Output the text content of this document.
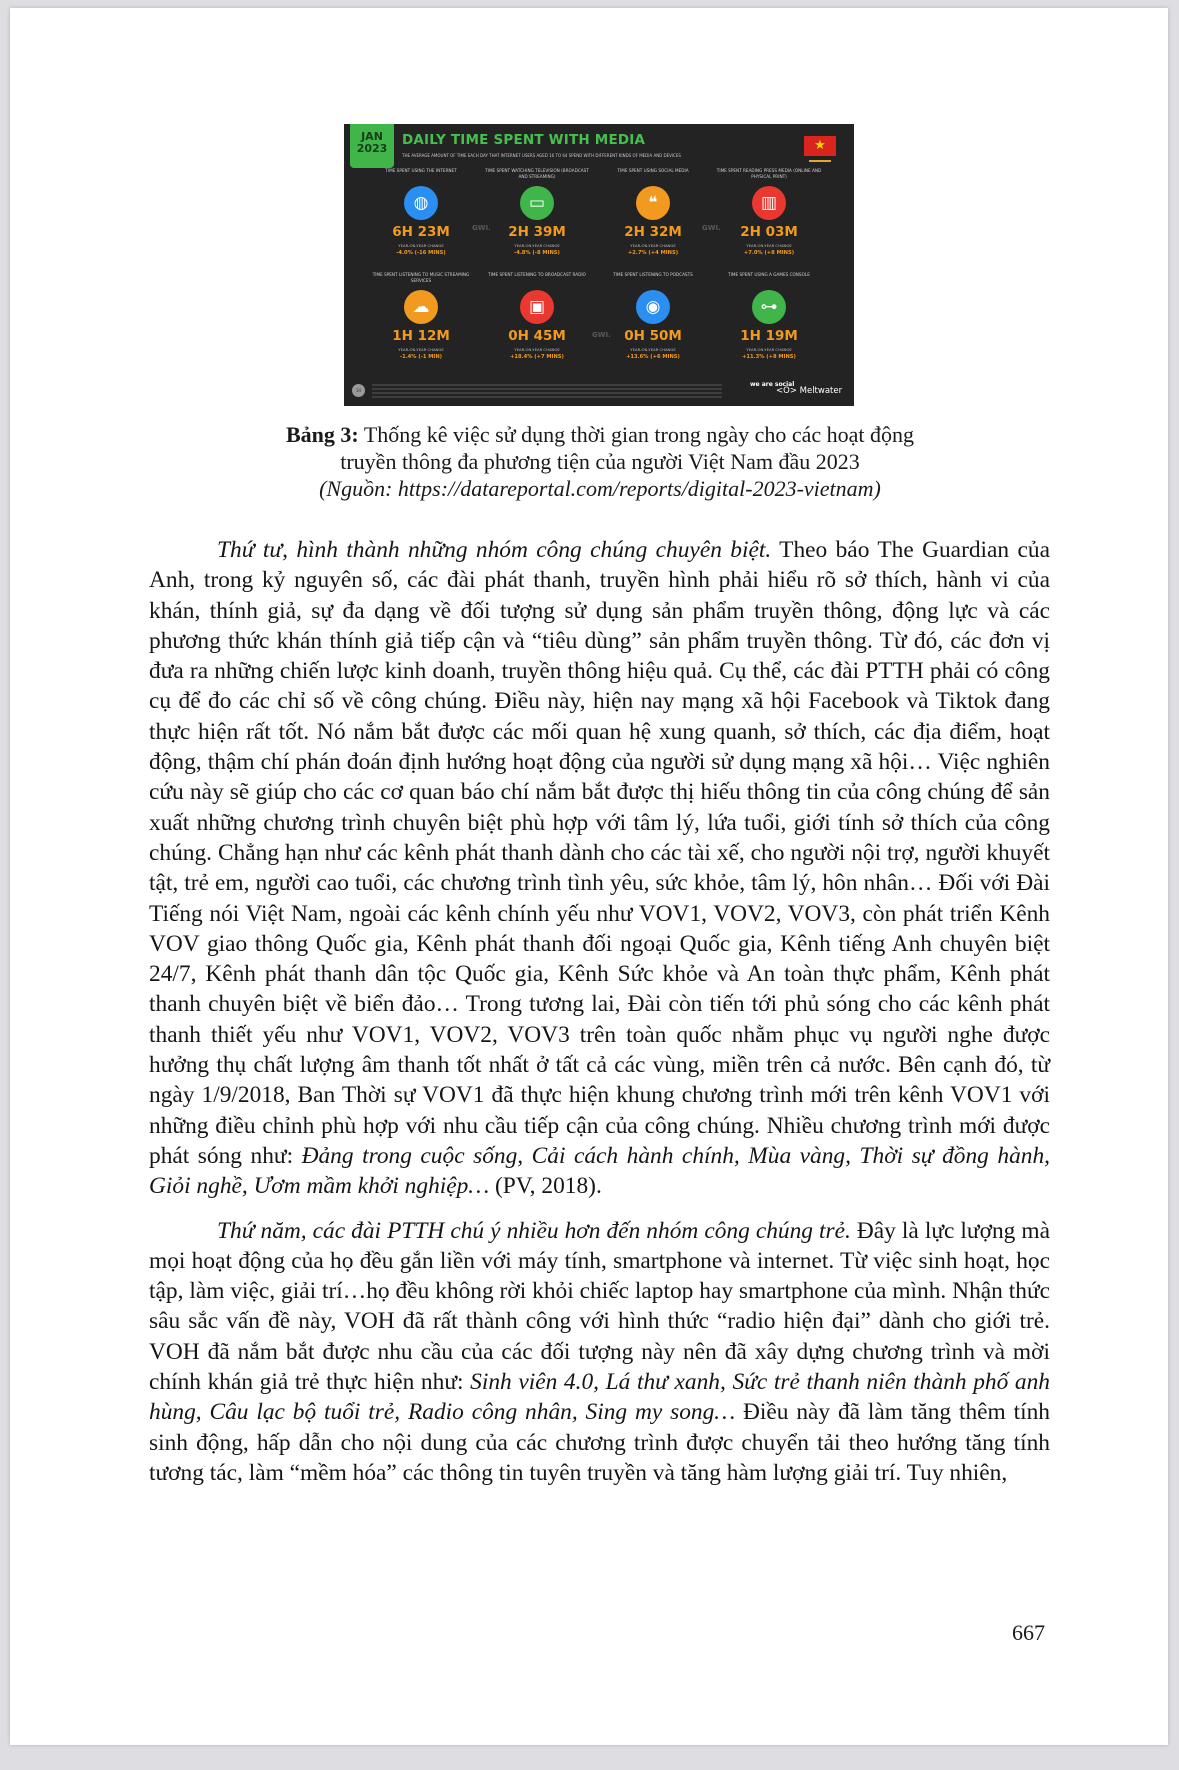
JAN
2023
DAILY TIME SPENT WITH MEDIA
THE AVERAGE AMOUNT OF TIME EACH DAY THAT INTERNET USERS AGED 16 TO 64 SPEND WITH DIFFERENT KINDS OF MEDIA AND DEVICES
★
TIME SPENT USING THE INTERNET
◍
6H 23M
YEAR-ON-YEAR CHANGE
-4.0% (-16 MINS)
TIME SPENT WATCHING TELEVISION (BROADCAST AND STREAMING)
▭
2H 39M
YEAR-ON-YEAR CHANGE
-4.8% (-8 MINS)
TIME SPENT USING SOCIAL MEDIA
❝
2H 32M
YEAR-ON-YEAR CHANGE
+2.7% (+4 MINS)
TIME SPENT READING PRESS MEDIA (ONLINE AND PHYSICAL PRINT)
▥
2H 03M
YEAR-ON-YEAR CHANGE
+7.0% (+8 MINS)
TIME SPENT LISTENING TO MUSIC STREAMING SERVICES
☁
1H 12M
YEAR-ON-YEAR CHANGE
-1.4% (-1 MIN)
TIME SPENT LISTENING TO BROADCAST RADIO
▣
0H 45M
YEAR-ON-YEAR CHANGE
+18.4% (+7 MINS)
TIME SPENT LISTENING TO PODCASTS
◉
0H 50M
YEAR-ON-YEAR CHANGE
+13.6% (+6 MINS)
TIME SPENT USING A GAMES CONSOLE
⊶
1H 19M
YEAR-ON-YEAR CHANGE
+11.3% (+8 MINS)
GWI.	GWI.
GWI.
34
we are social
<O> Meltwater
Bảng 3: Thống kê việc sử dụng thời gian trong ngày cho các hoạt động
truyền thông đa phương tiện của người Việt Nam đầu 2023
(Nguồn: https://datareport​al.com/reports/digital-2023-vietnam)

Thứ tư, hình thành những nhóm công chúng chuyên biệt. Theo báo The Guardian của Anh, trong kỷ nguyên số, các đài phát thanh, truyền hình phải hiểu rõ sở thích, hành vi của khán, thính giả, sự đa dạng về đối tượng sử dụng sản phẩm truyền thông, động lực và các phương thức khán thính giả tiếp cận và “tiêu dùng” sản phẩm truyền thông. Từ đó, các đơn vị đưa ra những chiến lược kinh doanh, truyền thông hiệu quả. Cụ thể, các đài PTTH phải có công cụ để đo các chỉ số về công chúng. Điều này, hiện nay mạng xã hội Facebook và Tiktok đang thực hiện rất tốt. Nó nắm bắt được các mối quan hệ xung quanh, sở thích, các địa điểm, hoạt động, thậm chí phán đoán định hướng hoạt động của người sử dụng mạng xã hội… Việc nghiên cứu này sẽ giúp cho các cơ quan báo chí nắm bắt được thị hiếu thông tin của công chúng để sản xuất những chương trình chuyên biệt phù hợp với tâm lý, lứa tuổi, giới tính sở thích của công chúng. Chẳng hạn như các kênh phát thanh dành cho các tài xế, cho người nội trợ, người khuyết tật, trẻ em, người cao tuổi, các chương trình tình yêu, sức khỏe, tâm lý, hôn nhân… Đối với Đài Tiếng nói Việt Nam, ngoài các kênh chính yếu như VOV1, VOV2, VOV3, còn phát triển Kênh VOV giao thông Quốc gia, Kênh phát thanh đối ngoại Quốc gia, Kênh tiếng Anh chuyên biệt 24/7, Kênh phát thanh dân tộc Quốc gia, Kênh Sức khỏe và An toàn thực phẩm, Kênh phát thanh chuyên biệt về biển đảo… Trong tương lai, Đài còn tiến tới phủ sóng cho các kênh phát thanh thiết yếu như VOV1, VOV2, VOV3 trên toàn quốc nhằm phục vụ người nghe được hưởng thụ chất lượng âm thanh tốt nhất ở tất cả các vùng, miền trên cả nước. Bên cạnh đó, từ ngày 1/9/2018, Ban Thời sự VOV1 đã thực hiện khung chương trình mới trên kênh VOV1 với những điều chỉnh phù hợp với nhu cầu tiếp cận của công chúng. Nhiều chương trình mới được phát sóng như: Đảng trong cuộc sống, Cải cách hành chính, Mùa vàng, Thời sự đồng hành, Giỏi nghề, Ươm mầm khởi nghiệp… (PV, 2018).

Thứ năm, các đài PTTH chú ý nhiều hơn đến nhóm công chúng trẻ. Đây là lực lượng mà mọi hoạt động của họ đều gắn liền với máy tính, smartphone và internet. Từ việc sinh hoạt, học tập, làm việc, giải trí…họ đều không rời khỏi chiếc laptop hay smartphone của mình. Nhận thức sâu sắc vấn đề này, VOH đã rất thành công với hình thức “radio hiện đại” dành cho giới trẻ. VOH đã nắm bắt được nhu cầu của các đối tượng này nên đã xây dựng chương trình và mời chính khán giả trẻ thực hiện như: Sinh viên 4.0, Lá thư xanh, Sức trẻ thanh niên thành phố anh hùng, Câu lạc bộ tuổi trẻ, Radio công nhân, Sing my song… Điều này đã làm tăng thêm tính sinh động, hấp dẫn cho nội dung của các chương trình được chuyển tải theo hướng tăng tính tương tác, làm “mềm hóa” các thông tin tuyên truyền và tăng hàm lượng giải trí. Tuy nhiên,

667
